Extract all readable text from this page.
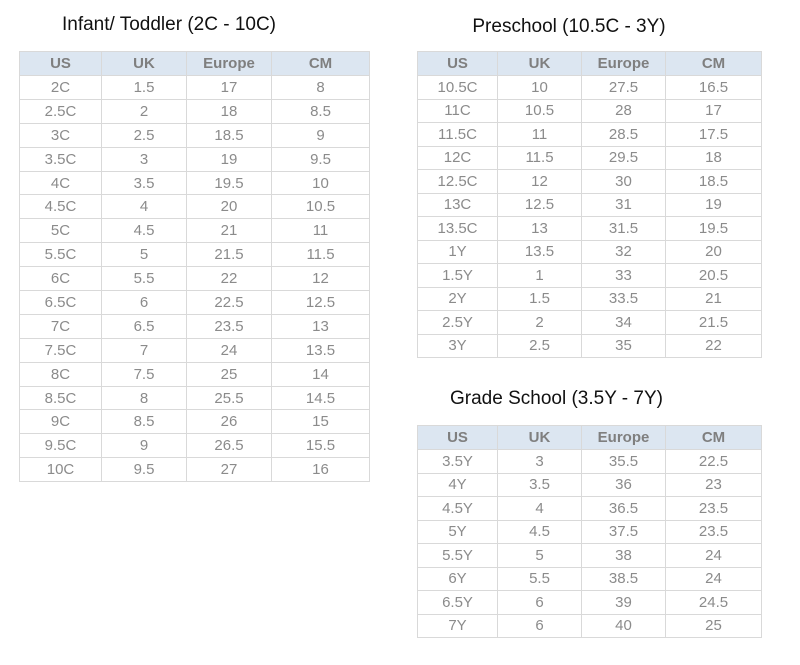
Infant/ Toddler (2C - 10C)
US	UK	Europe	CM
2C	1.5	17	8
2.5C	2	18	8.5
3C	2.5	18.5	9
3.5C	3	19	9.5
4C	3.5	19.5	10
4.5C	4	20	10.5
5C	4.5	21	11
5.5C	5	21.5	11.5
6C	5.5	22	12
6.5C	6	22.5	12.5
7C	6.5	23.5	13
7.5C	7	24	13.5
8C	7.5	25	14
8.5C	8	25.5	14.5
9C	8.5	26	15
9.5C	9	26.5	15.5
10C	9.5	27	16
Preschool (10.5C - 3Y)
US	UK	Europe	CM
10.5C	10	27.5	16.5
11C	10.5	28	17
11.5C	11	28.5	17.5
12C	11.5	29.5	18
12.5C	12	30	18.5
13C	12.5	31	19
13.5C	13	31.5	19.5
1Y	13.5	32	20
1.5Y	1	33	20.5
2Y	1.5	33.5	21
2.5Y	2	34	21.5
3Y	2.5	35	22
Grade School (3.5Y - 7Y)
US	UK	Europe	CM
3.5Y	3	35.5	22.5
4Y	3.5	36	23
4.5Y	4	36.5	23.5
5Y	4.5	37.5	23.5
5.5Y	5	38	24
6Y	5.5	38.5	24
6.5Y	6	39	24.5
7Y	6	40	25
